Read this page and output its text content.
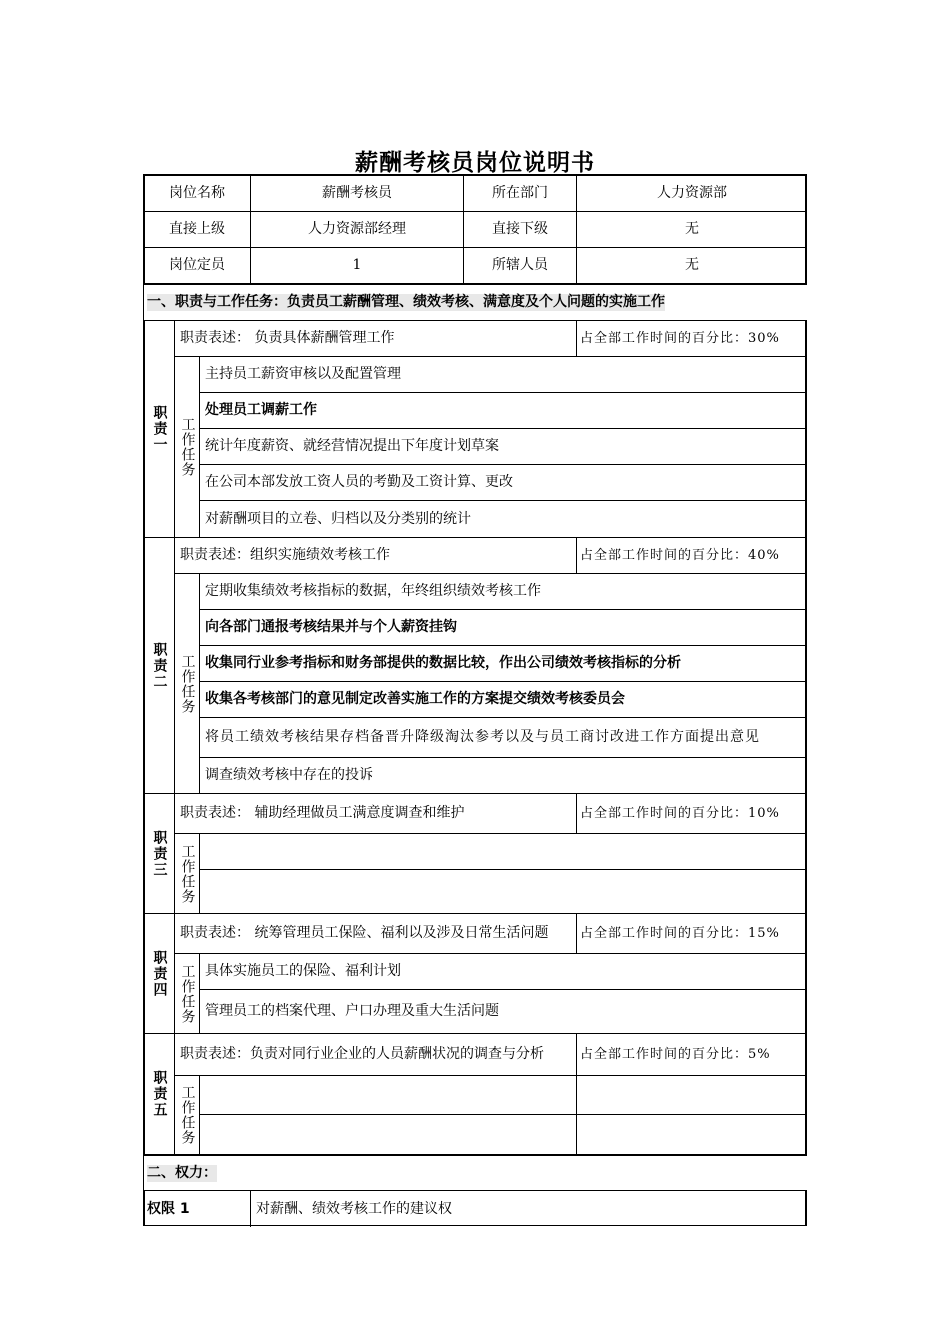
薪酬考核员岗位说明书
岗位名称	薪酬考核员	所在部门	人力资源部
直接上级	人力资源部经理	直接下级	无
岗位定员	1	所辖人员	无
一、职责与工作任务：负责员工薪酬管理、绩效考核、满意度及个人问题的实施工作
职责一
职责表述： 负责具体薪酬管理工作	占全部工作时间的百分比：30%
工作任务
主持员工薪资审核以及配置管理
处理员工调薪工作
统计年度薪资、就经营情况提出下年度计划草案
在公司本部发放工资人员的考勤及工资计算、更改
对薪酬项目的立卷、归档以及分类别的统计
职责二
职责表述：组织实施绩效考核工作	占全部工作时间的百分比：40%
工作任务
定期收集绩效考核指标的数据，年终组织绩效考核工作
向各部门通报考核结果并与个人薪资挂钩
收集同行业参考指标和财务部提供的数据比较，作出公司绩效考核指标的分析
收集各考核部门的意见制定改善实施工作的方案提交绩效考核委员会
将员工绩效考核结果存档备晋升降级淘汰参考以及与员工商讨改进工作方面提出意见
调查绩效考核中存在的投诉
职责三
职责表述： 辅助经理做员工满意度调查和维护	占全部工作时间的百分比：10%
工作任务
职责四
职责表述： 统筹管理员工保险、福利以及涉及日常生活问题	占全部工作时间的百分比：15%
工作任务 具体实施员工的保险、福利计划
管理员工的档案代理、户口办理及重大生活问题
职责五
职责表述：负责对同行业企业的人员薪酬状况的调查与分析	占全部工作时间的百分比：5%
工作任务
二、权力：
权限 1	对薪酬、绩效考核工作的建议权
